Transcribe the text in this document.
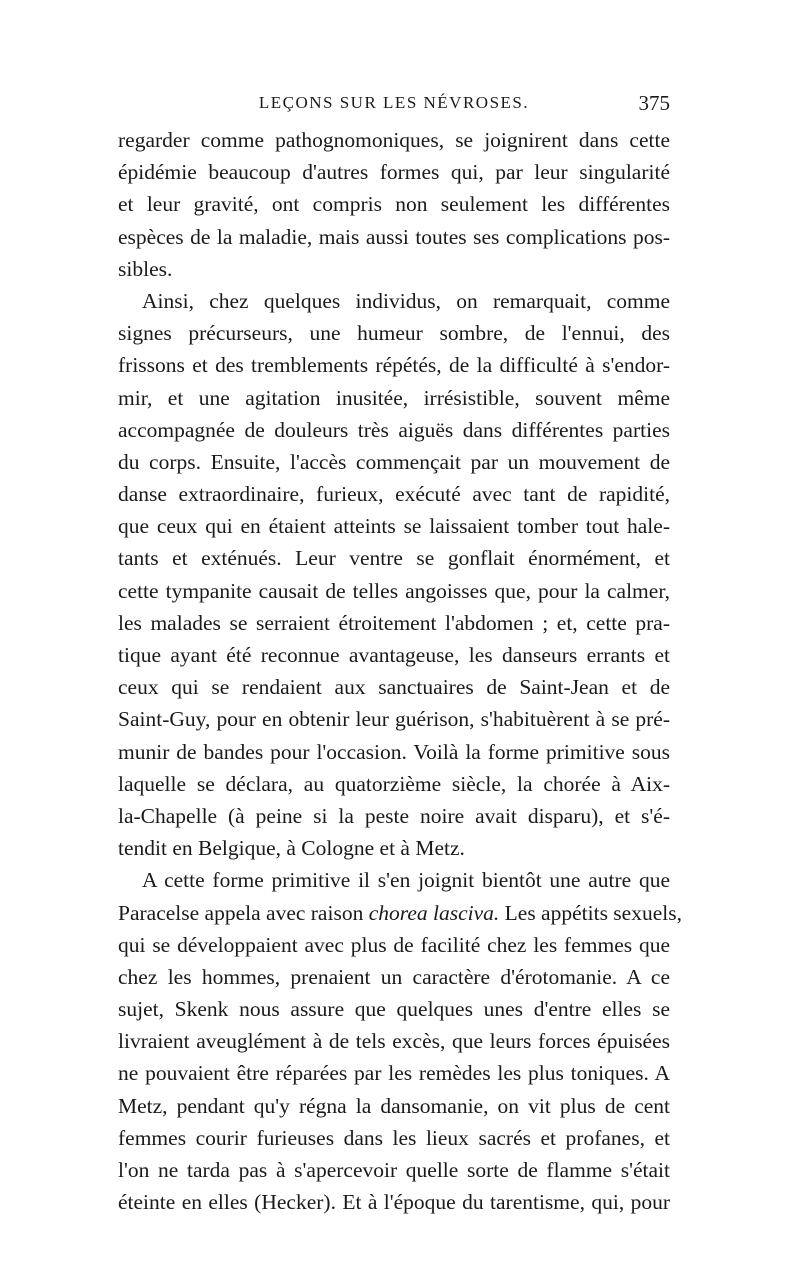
LEÇONS SUR LES NÉVROSES.	375
regarder comme pathognomoniques, se joignirent dans cette
épidémie beaucoup d'autres formes qui, par leur singularité
et leur gravité, ont compris non seulement les différentes
espèces de la maladie, mais aussi toutes ses complications pos-
sibles.
Ainsi, chez quelques individus, on remarquait, comme
signes précurseurs, une humeur sombre, de l'ennui, des
frissons et des tremblements répétés, de la difficulté à s'endor-
mir, et une agitation inusitée, irrésistible, souvent même
accompagnée de douleurs très aiguës dans différentes parties
du corps. Ensuite, l'accès commençait par un mouvement de
danse extraordinaire, furieux, exécuté avec tant de rapidité,
que ceux qui en étaient atteints se laissaient tomber tout hale-
tants et exténués. Leur ventre se gonflait énormément, et
cette tympanite causait de telles angoisses que, pour la calmer,
les malades se serraient étroitement l'abdomen ; et, cette pra-
tique ayant été reconnue avantageuse, les danseurs errants et
ceux qui se rendaient aux sanctuaires de Saint-Jean et de
Saint-Guy, pour en obtenir leur guérison, s'habituèrent à se pré-
munir de bandes pour l'occasion. Voilà la forme primitive sous
laquelle se déclara, au quatorzième siècle, la chorée à Aix-
la-Chapelle (à peine si la peste noire avait disparu), et s'é-
tendit en Belgique, à Cologne et à Metz.
A cette forme primitive il s'en joignit bientôt une autre que
Paracelse appela avec raison chorea lasciva. Les appétits sexuels,
qui se développaient avec plus de facilité chez les femmes que
chez les hommes, prenaient un caractère d'érotomanie. A ce
sujet, Skenk nous assure que quelques unes d'entre elles se
livraient aveuglément à de tels excès, que leurs forces épuisées
ne pouvaient être réparées par les remèdes les plus toniques. A
Metz, pendant qu'y régna la dansomanie, on vit plus de cent
femmes courir furieuses dans les lieux sacrés et profanes, et
l'on ne tarda pas à s'apercevoir quelle sorte de flamme s'était
éteinte en elles (Hecker). Et à l'époque du tarentisme, qui, pour
